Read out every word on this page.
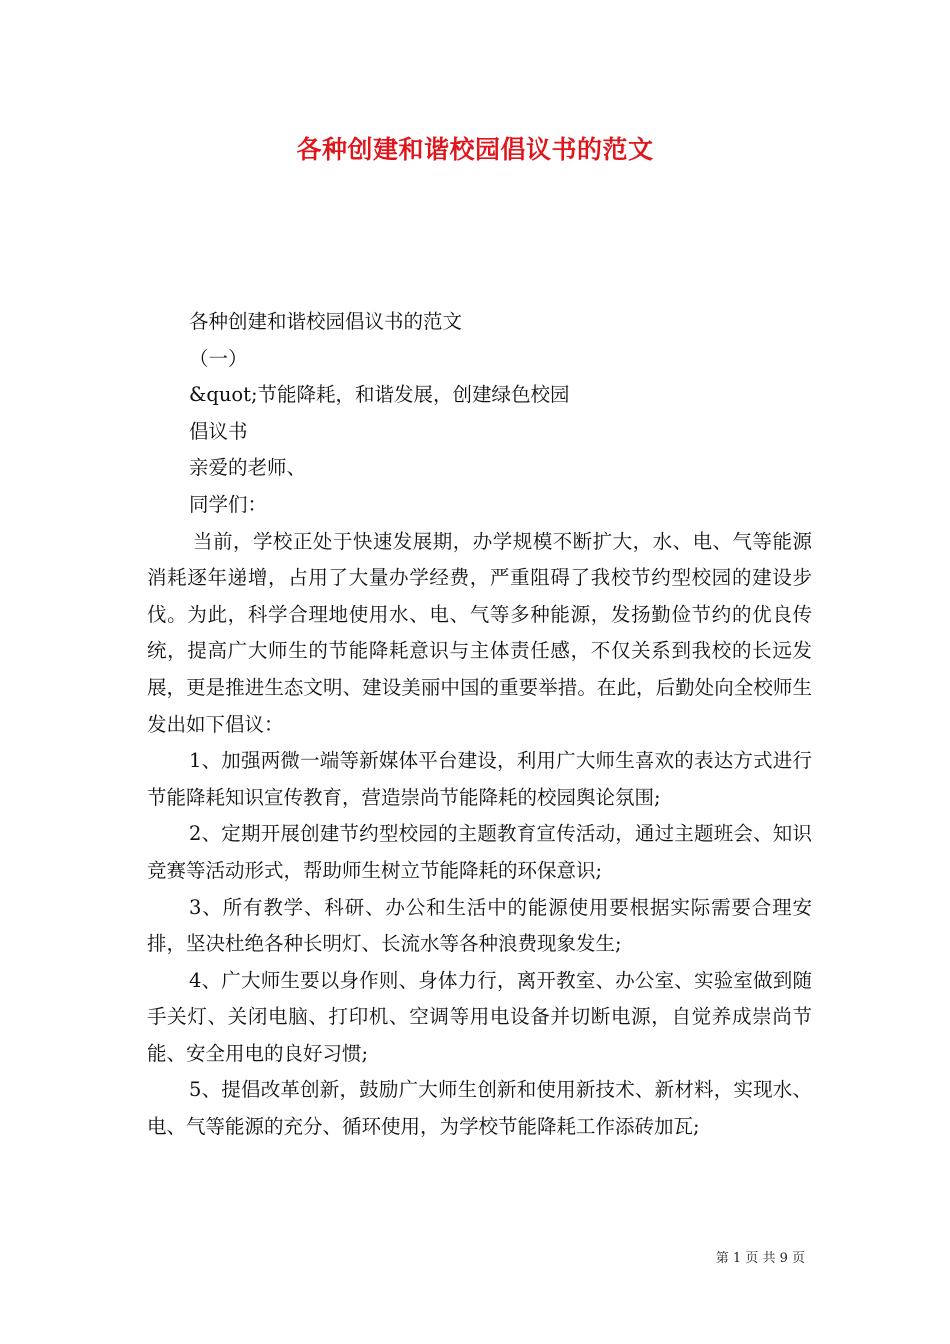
各种创建和谐校园倡议书的范文
各种创建和谐校园倡议书的范文
（一）
&quot;节能降耗，和谐发展，创建绿色校园
倡议书
亲爱的老师、
同学们：

当前，学校正处于快速发展期，办学规模不断扩大，水、电、气等能源消耗逐年递增，占用了大量办学经费，严重阻碍了我校节约型校园的建设步伐。为此，科学合理地使用水、电、气等多种能源，发扬勤俭节约的优良传统，提高广大师生的节能降耗意识与主体责任感，不仅关系到我校的长远发展，更是推进生态文明、建设美丽中国的重要举措。在此，后勤处向全校师生发出如下倡议：

1、加强两微一端等新媒体平台建设，利用广大师生喜欢的表达方式进行节能降耗知识宣传教育，营造崇尚节能降耗的校园舆论氛围;

2、定期开展创建节约型校园的主题教育宣传活动，通过主题班会、知识竞赛等活动形式，帮助师生树立节能降耗的环保意识;

3、所有教学、科研、办公和生活中的能源使用要根据实际需要合理安排，坚决杜绝各种长明灯、长流水等各种浪费现象发生;

4、广大师生要以身作则、身体力行，离开教室、办公室、实验室做到随手关灯、关闭电脑、打印机、空调等用电设备并切断电源，自觉养成崇尚节能、安全用电的良好习惯;

5、提倡改革创新，鼓励广大师生创新和使用新技术、新材料，实现水、电、气等能源的充分、循环使用，为学校节能降耗工作添砖加瓦;

第 1 页 共 9 页
